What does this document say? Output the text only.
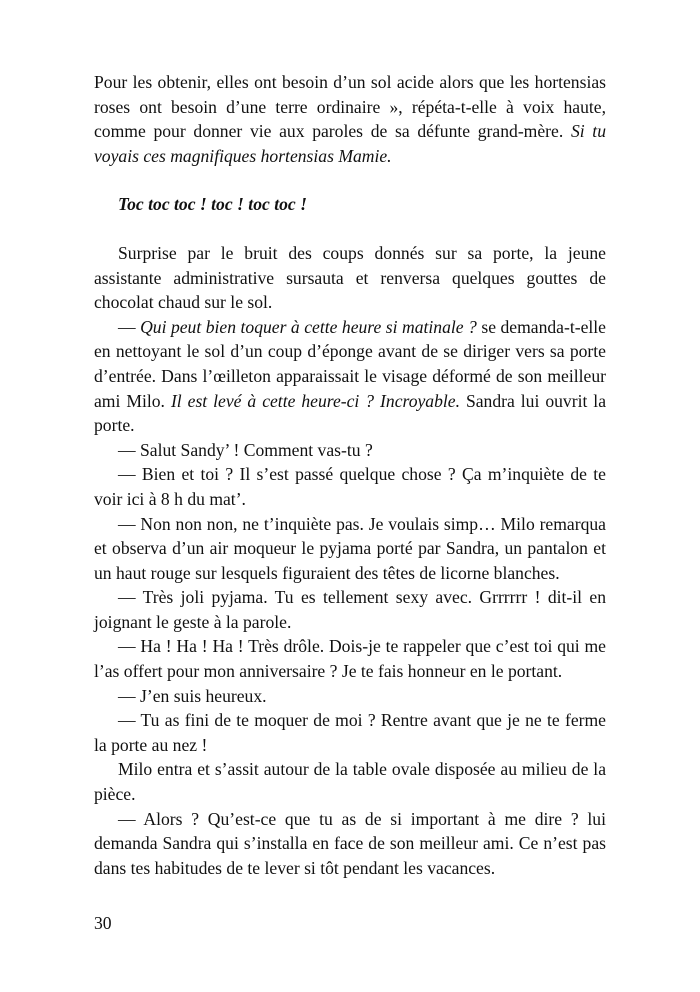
Pour les obtenir, elles ont besoin d’un sol acide alors que les hortensias roses ont besoin d’une terre ordinaire », répéta-t-elle à voix haute, comme pour donner vie aux paroles de sa défunte grand-mère. Si tu voyais ces magnifiques hortensias Mamie.

Toc toc toc ! toc ! toc toc !

Surprise par le bruit des coups donnés sur sa porte, la jeune assistante administrative sursauta et renversa quelques gouttes de chocolat chaud sur le sol.

— Qui peut bien toquer à cette heure si matinale ? se demanda-t-elle en nettoyant le sol d’un coup d’éponge avant de se diriger vers sa porte d’entrée. Dans l’œilleton apparaissait le visage déformé de son meilleur ami Milo. Il est levé à cette heure-ci ? Incroyable. Sandra lui ouvrit la porte.

— Salut Sandy’ ! Comment vas-tu ?

— Bien et toi ? Il s’est passé quelque chose ? Ça m’inquiète de te voir ici à 8 h du mat’.

— Non non non, ne t’inquiète pas. Je voulais simp… Milo remarqua et observa d’un air moqueur le pyjama porté par Sandra, un pantalon et un haut rouge sur lesquels figuraient des têtes de licorne blanches.

— Très joli pyjama. Tu es tellement sexy avec. Grrrrrr ! dit-il en joignant le geste à la parole.

— Ha ! Ha ! Ha ! Très drôle. Dois-je te rappeler que c’est toi qui me l’as offert pour mon anniversaire ? Je te fais honneur en le portant.

— J’en suis heureux.

— Tu as fini de te moquer de moi ? Rentre avant que je ne te ferme la porte au nez !

Milo entra et s’assit autour de la table ovale disposée au milieu de la pièce.

— Alors ? Qu’est-ce que tu as de si important à me dire ? lui demanda Sandra qui s’installa en face de son meilleur ami. Ce n’est pas dans tes habitudes de te lever si tôt pendant les vacances.

30
